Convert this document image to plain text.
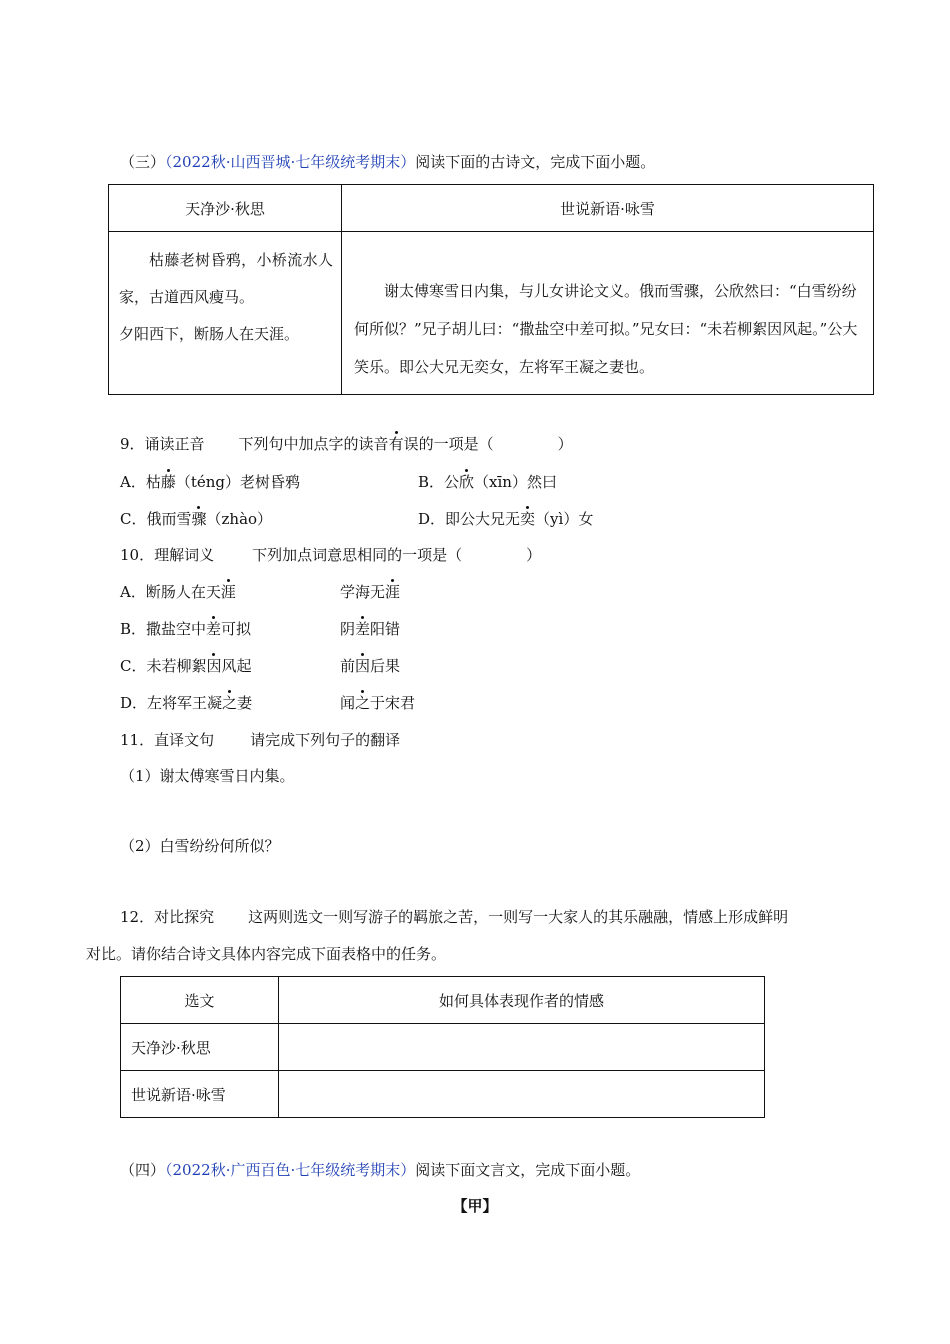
（三）（2022秋·山西晋城·七年级统考期末）阅读下面的古诗文，完成下面小题。
天净沙·秋思	世说新语·咏雪

枯藤老树昏鸦，小桥流水人家，古道西风瘦马。
夕阳西下，断肠人在天涯。	谢太傅寒雪日内集，与儿女讲论文义。俄而雪骤，公欣然曰：“白雪纷纷何所似？”兄子胡儿曰：“撒盐空中差可拟。”兄女曰：“未若柳絮因风起。”公大笑乐。即公大兄无奕女，左将军王凝之妻也。
9．诵读正音 下列句中加点字的读音有误的一项是（	）
A．枯藤（téng）老树昏鸦	B．公欣（xīn）然曰
C．俄而雪骤（zhào）	D．即公大兄无奕（yì）女
10．理解词义	下列加点词意思相同的一项是（	）
A．断肠人在天涯	学海无涯
B．撒盐空中差可拟	阴差阳错
C．未若柳絮因风起	前因后果
D．左将军王凝之妻	闻之于宋君
11．直译文句 请完成下列句子的翻译
（1）谢太傅寒雪日内集。
（2）白雪纷纷何所似？
12．对比探究 这两则选文一则写游子的羁旅之苦，一则写一大家人的其乐融融，情感上形成鲜明
对比。请你结合诗文具体内容完成下面表格中的任务。
选文	如何具体表现作者的情感
天净沙·秋思	
世说新语·咏雪	
（四）（2022秋·广西百色·七年级统考期末）阅读下面文言文，完成下面小题。
【甲】
